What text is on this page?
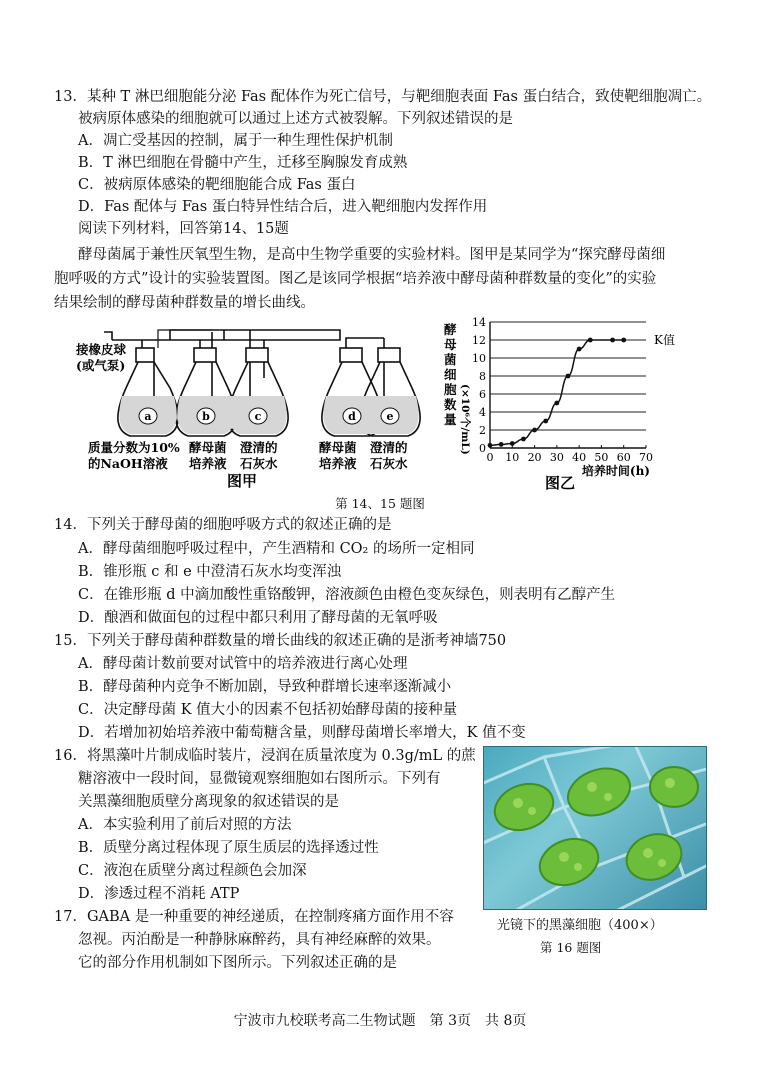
13．某种 T 淋巴细胞能分泌 Fas 配体作为死亡信号，与靶细胞表面 Fas 蛋白结合，致使靶细胞凋亡。
被病原体感染的细胞就可以通过上述方式被裂解。下列叙述错误的是
A．凋亡受基因的控制，属于一种生理性保护机制
B．T 淋巴细胞在骨髓中产生，迁移至胸腺发育成熟
C．被病原体感染的靶细胞能合成 Fas 蛋白
D．Fas 配体与 Fas 蛋白特异性结合后，进入靶细胞内发挥作用
阅读下列材料，回答第14、15题
酵母菌属于兼性厌氧型生物，是高中生物学重要的实验材料。图甲是某同学为“探究酵母菌细
胞呼吸的方式”设计的实验装置图。图乙是该同学根据“培养液中酵母菌种群数量的变化”的实验
结果绘制的酵母菌种群数量的增长曲线。
a	b	c	d	e
接橡皮球
(或气泵)
质量分数为10%
的NaOH溶液
酵母菌
培养液
澄清的
石灰水
酵母菌
培养液
澄清的
石灰水
图甲
酵
母
菌
细
胞
数
量 (×10⁶个/mL) 0
2
4
6
8
10
12
14
0 10 20 30 40 50 60 70
K值
培养时间(h)
图乙
第 14、15 题图
14．下列关于酵母菌的细胞呼吸方式的叙述正确的是
A．酵母菌细胞呼吸过程中，产生酒精和 CO₂ 的场所一定相同
B．锥形瓶 c 和 e 中澄清石灰水均变浑浊
C．在锥形瓶 d 中滴加酸性重铬酸钾，溶液颜色由橙色变灰绿色，则表明有乙醇产生
D．酿酒和做面包的过程中都只利用了酵母菌的无氧呼吸
15．下列关于酵母菌种群数量的增长曲线的叙述正确的是浙考神墙750
A．酵母菌计数前要对试管中的培养液进行离心处理
B．酵母菌种内竞争不断加剧，导致种群增长速率逐渐减小
C．决定酵母菌 K 值大小的因素不包括初始酵母菌的接种量
D．若增加初始培养液中葡萄糖含量，则酵母菌增长率增大，K 值不变
16．将黑藻叶片制成临时装片，浸润在质量浓度为 0.3g/mL 的蔗
糖溶液中一段时间，显微镜观察细胞如右图所示。下列有
关黑藻细胞质壁分离现象的叙述错误的是
A．本实验利用了前后对照的方法
B．质壁分离过程体现了原生质层的选择透过性
C．液泡在质壁分离过程颜色会加深
D．渗透过程不消耗 ATP
光镜下的黑藻细胞（400×）
第 16 题图
17．GABA 是一种重要的神经递质，在控制疼痛方面作用不容
忽视。丙泊酚是一种静脉麻醉药，具有神经麻醉的效果。
它的部分作用机制如下图所示。下列叙述正确的是
宁波市九校联考高二生物试题　第 3页　共 8页
